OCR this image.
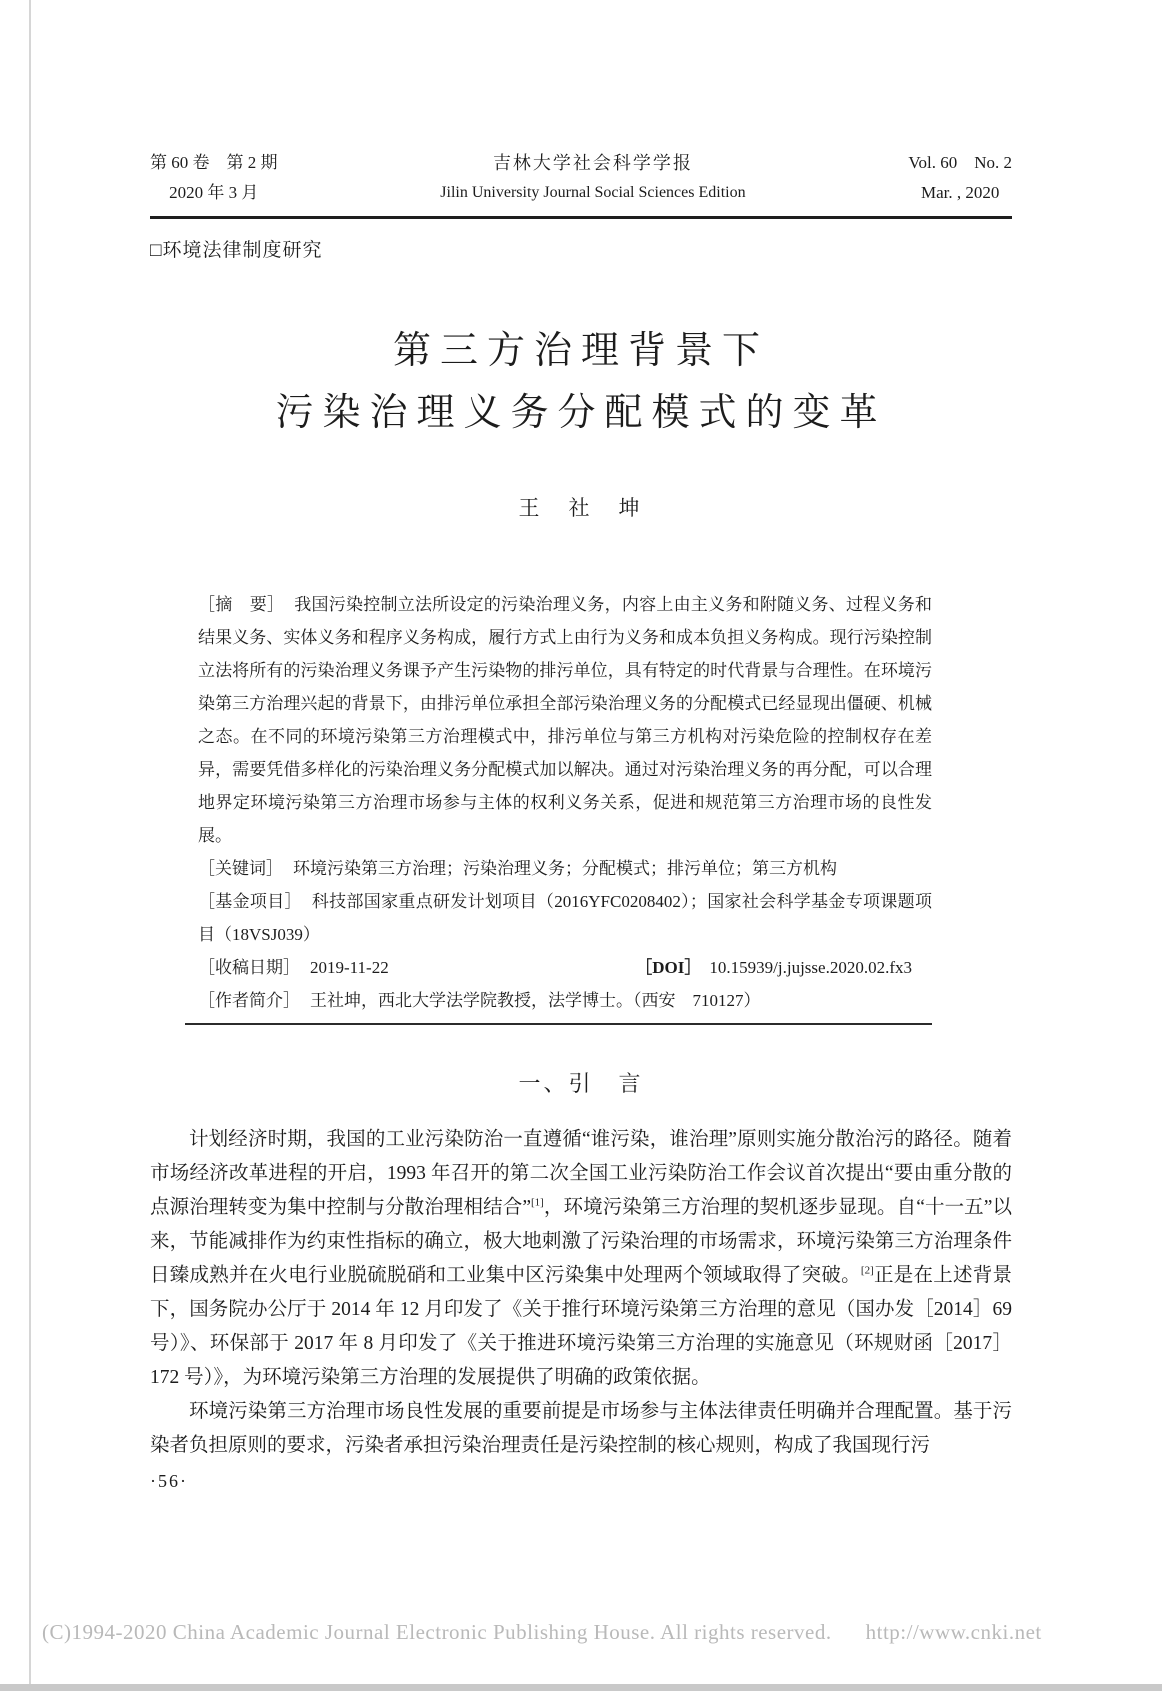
第 60 卷　第 2 期
2020 年 3 月
吉林大学社会科学学报
Jilin University Journal Social Sciences Edition
Vol. 60　No. 2
Mar. , 2020
□环境法律制度研究
第三方治理背景下
污染治理义务分配模式的变革
王　社　坤

［摘　要］ 我国污染控制立法所设定的污染治理义务，内容上由主义务和附随义务、过程义务和结果义务、实体义务和程序义务构成，履行方式上由行为义务和成本负担义务构成。现行污染控制立法将所有的污染治理义务课予产生污染物的排污单位，具有特定的时代背景与合理性。在环境污染第三方治理兴起的背景下，由排污单位承担全部污染治理义务的分配模式已经显现出僵硬、机械之态。在不同的环境污染第三方治理模式中，排污单位与第三方机构对污染危险的控制权存在差异，需要凭借多样化的污染治理义务分配模式加以解决。通过对污染治理义务的再分配，可以合理地界定环境污染第三方治理市场参与主体的权利义务关系，促进和规范第三方治理市场的良性发展。

［关键词］ 环境污染第三方治理；污染治理义务；分配模式；排污单位；第三方机构

［基金项目］ 科技部国家重点研发计划项目（2016YFC0208402）；国家社会科学基金专项课题项目（18VSJ039）

［收稿日期］ 2019-11-22	［DOI］ 10.15939/j.jujsse.2020.02.fx3

［作者简介］ 王社坤，西北大学法学院教授，法学博士。（西安　710127）

一、引　言

计划经济时期，我国的工业污染防治一直遵循“谁污染，谁治理”原则实施分散治污的路径。随着市场经济改革进程的开启，1993 年召开的第二次全国工业污染防治工作会议首次提出“要由重分散的点源治理转变为集中控制与分散治理相结合”[1]，环境污染第三方治理的契机逐步显现。自“十一五”以来，节能减排作为约束性指标的确立，极大地刺激了污染治理的市场需求，环境污染第三方治理条件日臻成熟并在火电行业脱硫脱硝和工业集中区污染集中处理两个领域取得了突破。[2]正是在上述背景下，国务院办公厅于 2014 年 12 月印发了《关于推行环境污染第三方治理的意见（国办发［2014］69 号）》、环保部于 2017 年 8 月印发了《关于推进环境污染第三方治理的实施意见（环规财函［2017］172 号）》，为环境污染第三方治理的发展提供了明确的政策依据。

环境污染第三方治理市场良性发展的重要前提是市场参与主体法律责任明确并合理配置。基于污染者负担原则的要求，污染者承担污染治理责任是污染控制的核心规则，构成了我国现行污

·56·
(C)1994-2020 China Academic Journal Electronic Publishing House. All rights reserved. http://www.cnki.net
